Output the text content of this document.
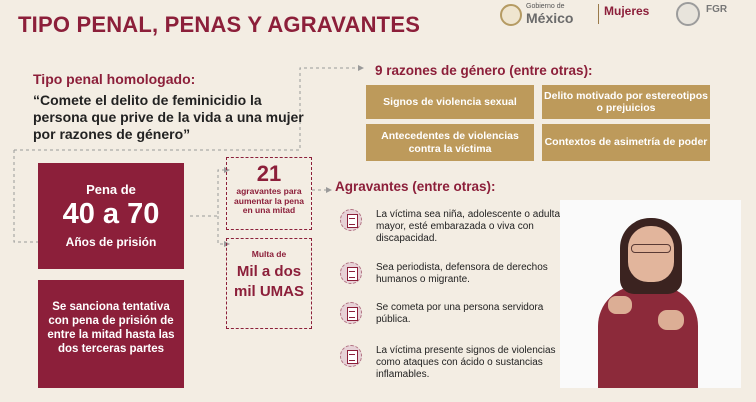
TIPO PENAL, PENAS Y AGRAVANTES
Gobierno de
México	Mujeres	FGR
Tipo penal homologado:
“Comete el delito de feminicidio la persona que prive de la vida a una mujer por razones de género”
Pena de
40 a 70
Años de prisión
Se sanciona tentativa con pena de prisión de entre la mitad hasta las dos terceras partes
21
agravantes para aumentar la pena en una mitad
Multa de
Mil a dos mil UMAS
9 razones de género (entre otras):
Signos de violencia sexual
Delito motivado por estereotipos o prejuicios
Antecedentes de violencias contra la víctima
Contextos de asimetría de poder
Agravantes (entre otras):
La víctima sea niña, adolescente o adulta mayor, esté embarazada o viva con discapacidad.
Sea periodista, defensora de derechos humanos o migrante.
Se cometa por una persona servidora pública.
La víctima presente signos de violencias como ataques con ácido o sustancias inflamables.
